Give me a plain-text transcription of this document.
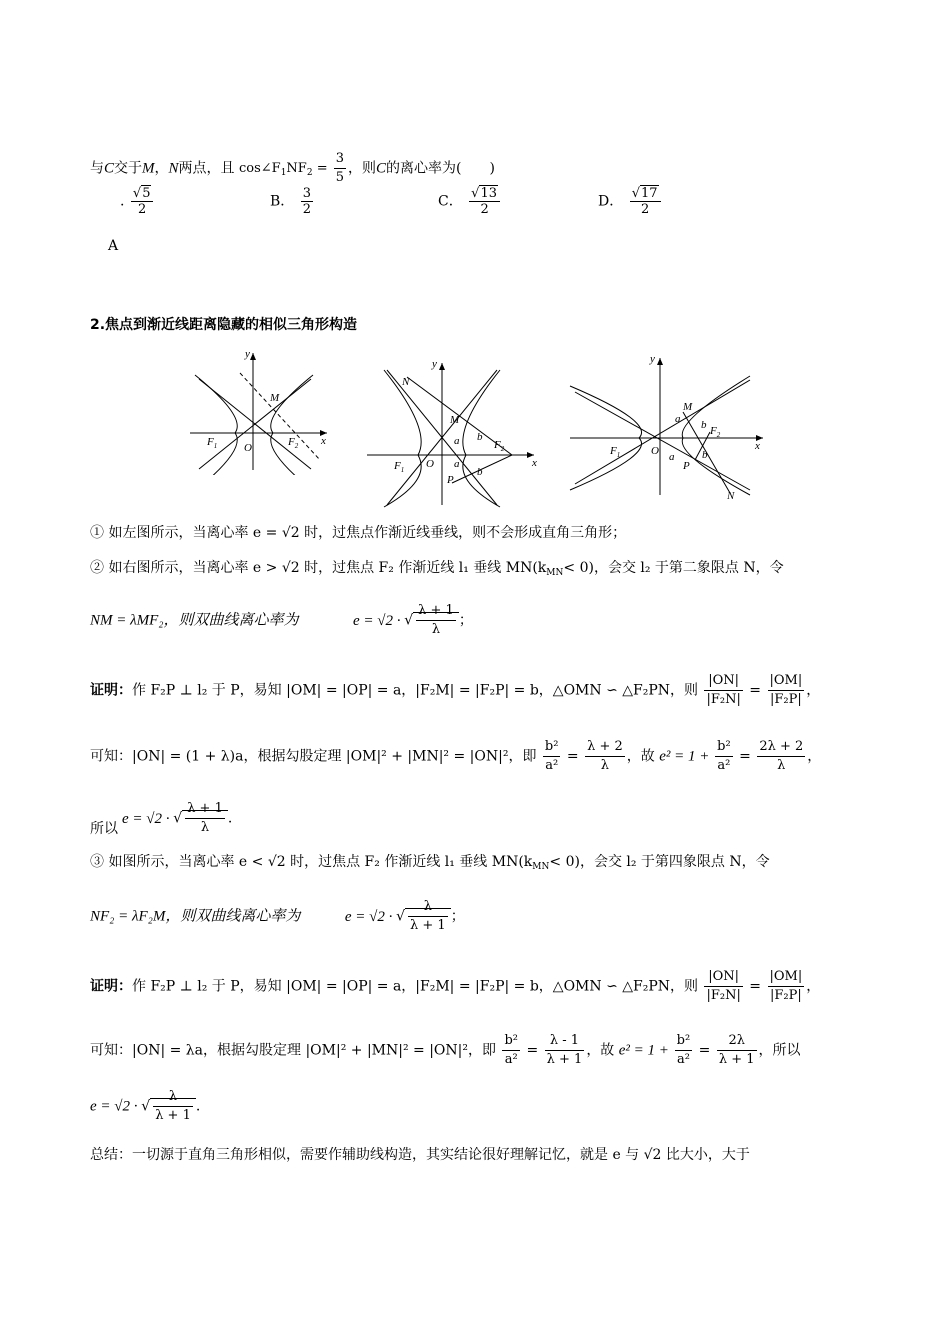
与C交于M，N两点，且 $\cos\angle F_1NF_2 = \frac{3}{5}$ ，则C的离心率为(　　)
. $\frac{√5}{2}$
A
B． $\frac{3}{2}$	C． $\frac{√13}{2}$	D． $\frac{√17}{2}$
2.焦点到渐近线距离隐藏的相似三角形构造
y
x
O
M
$F_1$	$F_2$
y
x
O
N
M
P
a
a
b
b
$F_1$
$F_2$
y
x
O
M
P
N
a
a
b
b
$F_1$
$F_2$
① 如左图所示，当离心率 e = √2 时，过焦点作渐近线垂线，则不会形成直角三角形；
② 如右图所示，当离心率 e > √2 时，过焦点 F₂ 作渐近线 l₁ 垂线 $MN(k_{MN}< 0)$，会交 l₂ 于第二象限点 N，令
NM = λMF₂，则双曲线离心率为	e = √2 · √ $\frac{\lambda + 1}{\lambda}$ ；
证明：作 F₂P ⊥ l₂ 于 P，易知 |OM| = |OP| = a，|F₂M| = |F₂P| = b，△OMN ∽ △F₂PN，则 $\frac{|ON|}{\text{|F₂N|}} = \frac{|OM|}{\text{|F₂P|}}$ ，
可知：|ON| = (1 + λ)a，根据勾股定理 |OM|² + |MN|² = |ON|²，即 $\frac{\text{b²}}{\text{a²}} = \frac{\lambda + 2}{\lambda}$ ，故 $e^2 = 1 + \frac{\text{b²}}{\text{a²}} = \frac{2\lambda + 2}{\lambda}$ ，
e = √2 · √ $\frac{\lambda + 1}{\lambda}$ .
所以
③ 如图所示，当离心率 e < √2 时，过焦点 F₂ 作渐近线 l₁ 垂线 $MN(k_{MN}< 0)$，会交 l₂ 于第四象限点 N，令
NF₂ = λF₂M，则双曲线离心率为	e = √2 · √ $\frac{\lambda}{\lambda + 1}$ ；
证明：作 F₂P ⊥ l₂ 于 P，易知 |OM| = |OP| = a，|F₂M| = |F₂P| = b，△OMN ∽ △F₂PN，则 $\frac{|ON|}{\text{|F₂N|}} = \frac{|OM|}{\text{|F₂P|}}$ ，
可知：|ON| = λa，根据勾股定理 |OM|² + |MN|² = |ON|²，即 $\frac{\text{b²}}{\text{a²}} = \frac{\lambda - 1}{\lambda + 1}$ ，故 $e^2 = 1 + \frac{\text{b²}}{\text{a²}} = \frac{2\lambda}{\lambda + 1}$ ，所以
e = √2 · √ $\frac{\lambda}{\lambda + 1}$ .
总结：一切源于直角三角形相似，需要作辅助线构造，其实结论很好理解记忆，就是 e 与 √2 比大小，大于
